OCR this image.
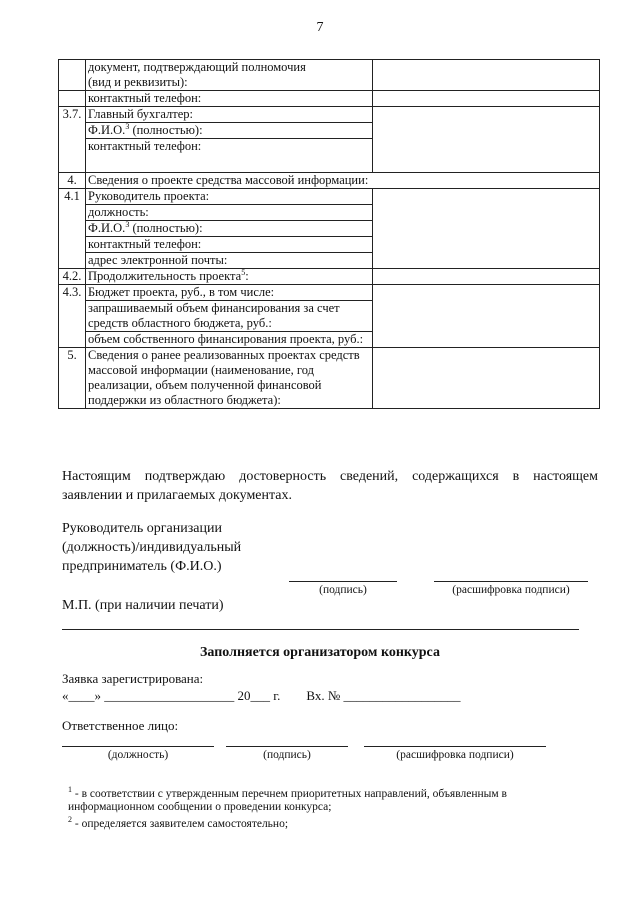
7

	документ, подтверждающий полномочия
(вид и реквизиты):	

	контактный телефон:	
3.7.	Главный бухгалтер:
Ф.И.О.$^3$ (полностью):
контактный телефон:	

4.	Сведения о проекте средства массовой информации:	
4.1	Руководитель проекта:
должность:
Ф.И.О.$^3$ (полностью):
контактный телефон:
адрес электронной почты:	

4.2.	Продолжительность проекта$^5$:	
4.3.	Бюджет проекта, руб., в том числе:
запрашиваемый объем финансирования за счет средств областного бюджета, руб.:
объем собственного финансирования проекта, руб.:	

5.	Сведения о ранее реализованных проектах средств массовой информации (наименование, год реализации, объем полученной финансовой поддержки из областного бюджета):	
Настоящим подтверждаю достоверность сведений, содержащихся в настоящем заявлении и прилагаемых документах.
Руководитель организации
(должность)/индивидуальный
предприниматель (Ф.И.О.)
(подпись)	(расшифровка подписи)
М.П. (при наличии печати)
Заполняется организатором конкурса
Заявка зарегистрирована:
«____» ____________________ 20___ г. Вх. № __________________
Ответственное лицо:
(должность)	(подпись)	(расшифровка подписи)
$^1$ - в соответствии с утвержденным перечнем приоритетных направлений, объявленным в информационном сообщении о проведении конкурса;
$^2$ - определяется заявителем самостоятельно;
